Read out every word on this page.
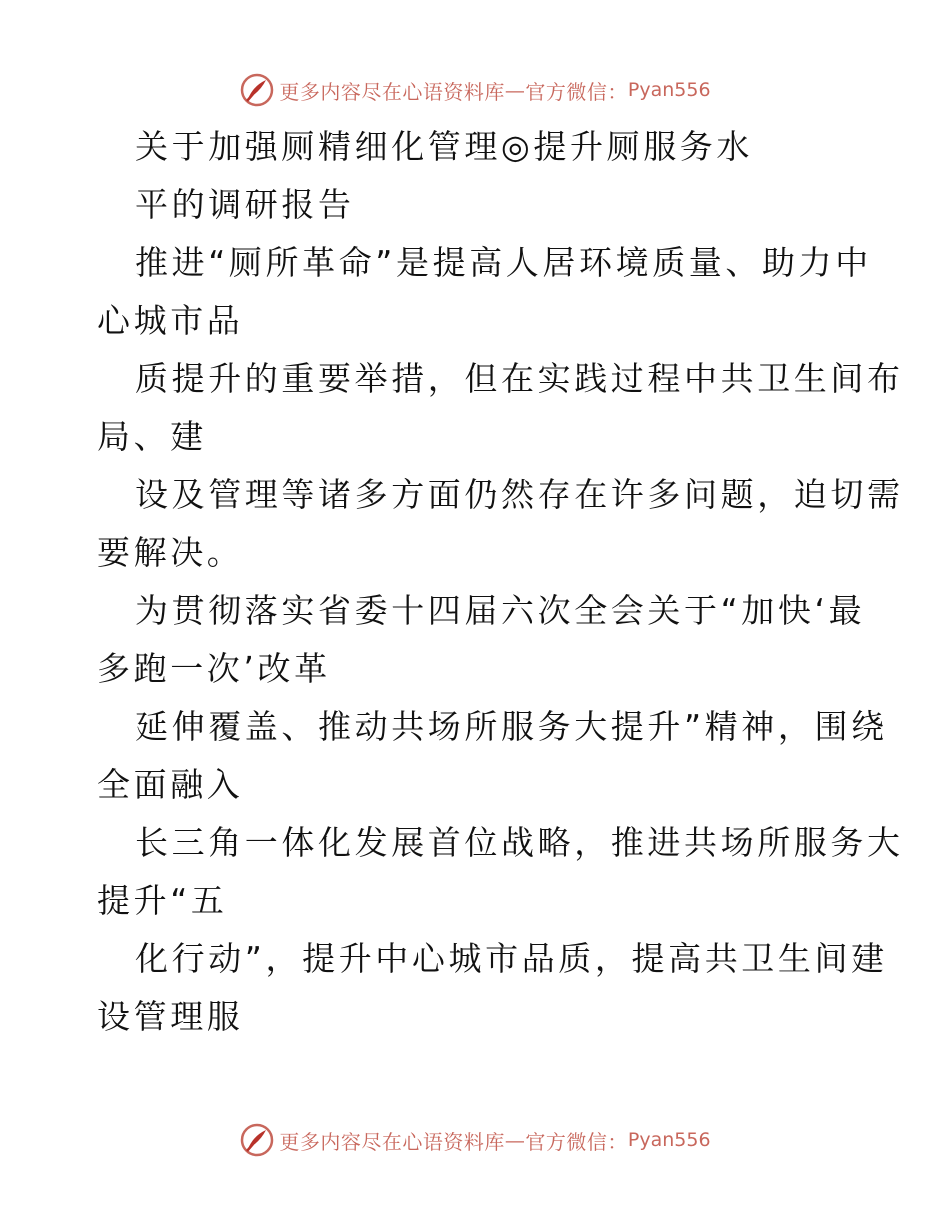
更多内容尽在心语资料库 — 官方微信： Pyan556
关于加强厕精细化管理◎提升厕服务水
平的调研报告
推进“厕所革命”是提高人居环境质量、助力中
心城市品
质提升的重要举措，但在实践过程中共卫生间布
局、建
设及管理等诸多方面仍然存在许多问题，迫切需
要解决。
为贯彻落实省委十四届六次全会关于“加快‘最
多跑一次’改革
延伸覆盖、推动共场所服务大提升”精神，围绕
全面融入
长三角一体化发展首位战略，推进共场所服务大
提升“五
化行动”，提升中心城市品质，提高共卫生间建
设管理服
更多内容尽在心语资料库 — 官方微信： Pyan556
